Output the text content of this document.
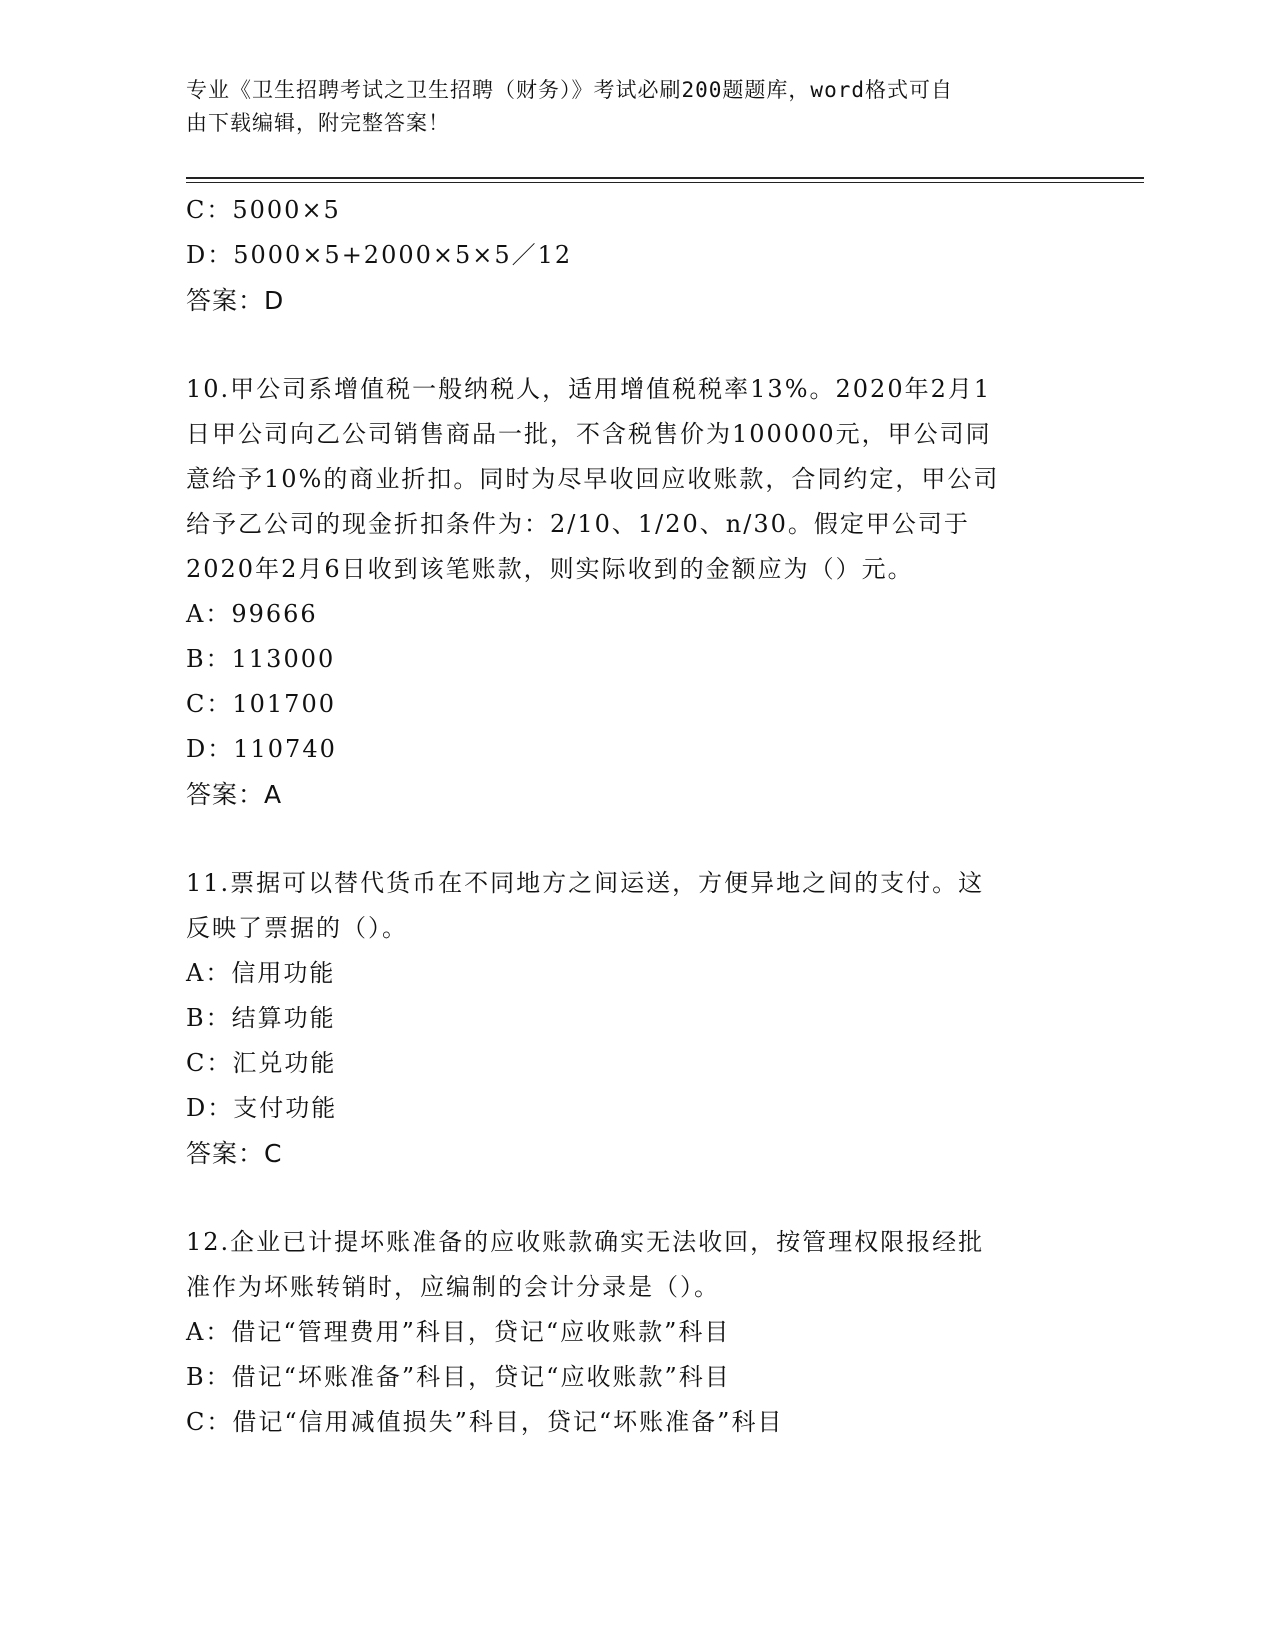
专业《卫生招聘考试之卫生招聘（财务）》考试必刷200题题库，word格式可自
由下载编辑，附完整答案！
C：5000×5
D：5000×5+2000×5×5／12
答案：D
10.甲公司系增值税一般纳税人，适用增值税税率13%。2020年2月1
日甲公司向乙公司销售商品一批，不含税售价为100000元，甲公司同
意给予10%的商业折扣。同时为尽早收回应收账款，合同约定，甲公司
给予乙公司的现金折扣条件为：2/10、1/20、n/30。假定甲公司于
2020年2月6日收到该笔账款，则实际收到的金额应为（）元。
A：99666
B：113000
C：101700
D：110740
答案：A
11.票据可以替代货币在不同地方之间运送，方便异地之间的支付。这
反映了票据的（）。
A：信用功能
B：结算功能
C：汇兑功能
D：支付功能
答案：C
12.企业已计提坏账准备的应收账款确实无法收回，按管理权限报经批
准作为坏账转销时，应编制的会计分录是（）。
A：借记“管理费用”科目，贷记“应收账款”科目
B：借记“坏账准备”科目，贷记“应收账款”科目
C：借记“信用减值损失”科目，贷记“坏账准备”科目
